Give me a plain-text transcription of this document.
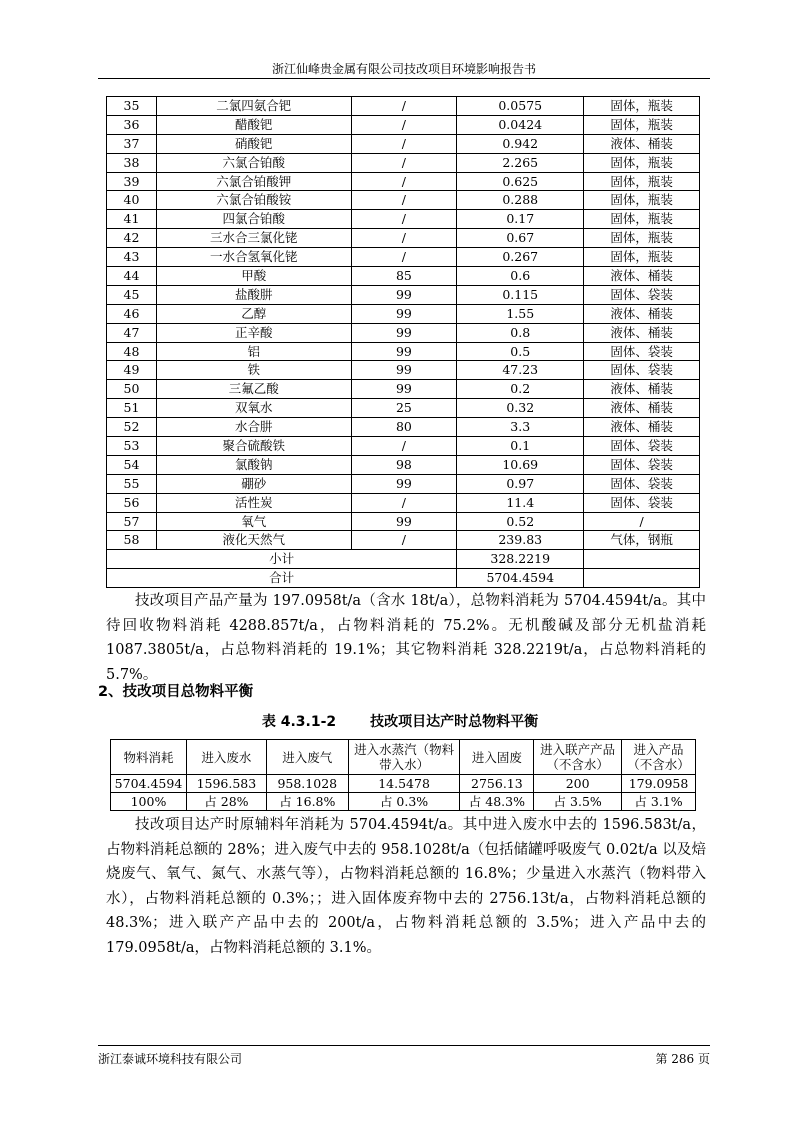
浙江仙峰贵金属有限公司技改项目环境影响报告书
35	二氯四氨合钯	/	0.0575	固体，瓶装
36	醋酸钯	/	0.0424	固体，瓶装
37	硝酸钯	/	0.942	液体、桶装
38	六氯合铂酸	/	2.265	固体，瓶装
39	六氯合铂酸钾	/	0.625	固体，瓶装
40	六氯合铂酸铵	/	0.288	固体，瓶装
41	四氯合铂酸	/	0.17	固体，瓶装
42	三水合三氯化铑	/	0.67	固体，瓶装
43	一水合氢氧化铑	/	0.267	固体，瓶装
44	甲酸	85	0.6	液体、桶装
45	盐酸肼	99	0.115	固体、袋装
46	乙醇	99	1.55	液体、桶装
47	正辛酸	99	0.8	液体、桶装
48	铝	99	0.5	固体、袋装
49	铁	99	47.23	固体、袋装
50	三氟乙酸	99	0.2	液体、桶装
51	双氧水	25	0.32	液体、桶装
52	水合肼	80	3.3	液体、桶装
53	聚合硫酸铁	/	0.1	固体、袋装
54	氯酸钠	98	10.69	固体、袋装
55	硼砂	99	0.97	固体、袋装
56	活性炭	/	11.4	固体、袋装
57	氧气	99	0.52	/
58	液化天然气	/	239.83	气体，钢瓶
小计			328.2219	
合计			5704.4594	
技改项目产品产量为 197.0958t/a（含水 18t/a），总物料消耗为 5704.4594t/a。其中待回收物料消耗 4288.857t/a，占物料消耗的 75.2%。无机酸碱及部分无机盐消耗 1087.3805t/a，占总物料消耗的 19.1%；其它物料消耗 328.2219t/a，占总物料消耗的 5.7%。
2、技改项目总物料平衡
表 4.3.1-2 技改项目达产时总物料平衡
物料消耗	进入废水	进入废气	进入水蒸汽（物料带入水）	进入固废	进入联产产品（不含水）	进入产品（不含水）
5704.4594	1596.583	958.1028	14.5478	2756.13	200	179.0958
100%	占 28%	占 16.8%	占 0.3%	占 48.3%	占 3.5%	占 3.1%
技改项目达产时原辅料年消耗为 5704.4594t/a。其中进入废水中去的 1596.583t/a，占物料消耗总额的 28%；进入废气中去的 958.1028t/a（包括储罐呼吸废气 0.02t/a 以及焙烧废气、氧气、氮气、水蒸气等），占物料消耗总额的 16.8%；少量进入水蒸汽（物料带入水），占物料消耗总额的 0.3%；；进入固体废弃物中去的 2756.13t/a，占物料消耗总额的 48.3%；进入联产产品中去的 200t/a，占物料消耗总额的 3.5%；进入产品中去的 179.0958t/a，占物料消耗总额的 3.1%。
浙江泰诚环境科技有限公司	第 286 页
